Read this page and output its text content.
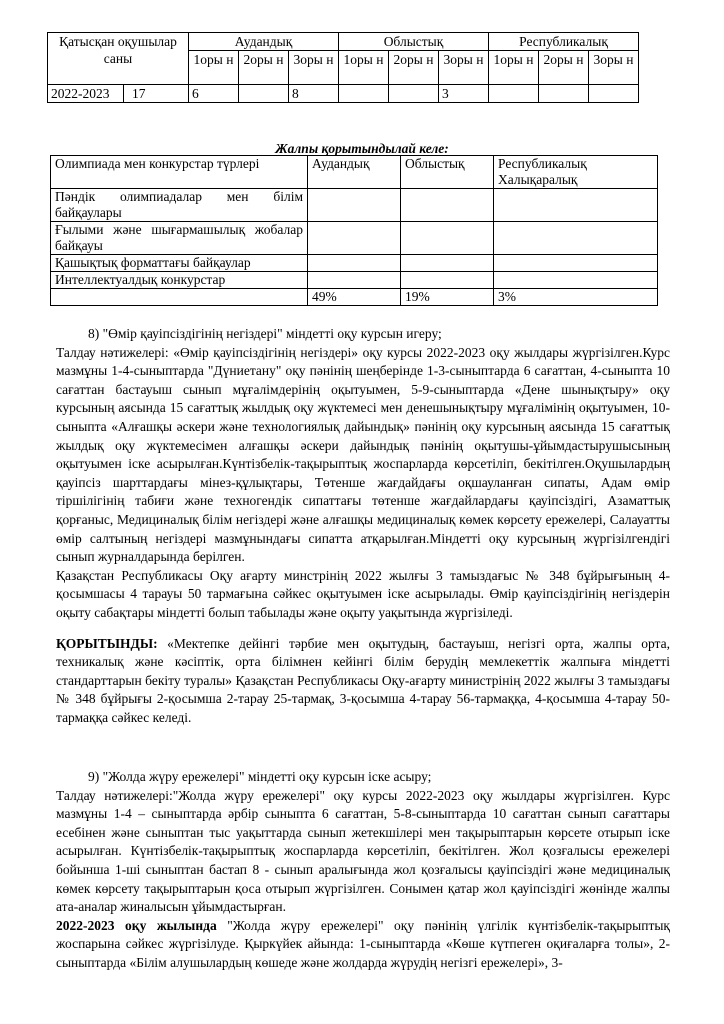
Қатысқан оқушылар саны	Аудандық			Облыстық			Республикалық		
	1оры н	2оры н	3оры н	1оры н	2оры н	3оры н	1оры н	2оры н	3оры н

2022-2023 17	6		8			3			
Жалпы қорытындылай келе:
Олимпиада мен конкурстар түрлері	Аудандық	Облыстық	Республикалық Халықаралық
Пәндік олимпиадалар мен білім байқаулары			
Ғылыми және шығармашылық жобалар байқауы			
Қашықтық форматтағы байқаулар			
Интеллектуалдық конкурстар			
	49%	19%	3%

8) "Өмір қауіпсіздігінің негіздері" міндетті оқу курсын игеру;

Талдау нәтижелері: «Өмір қауіпсіздігінің негіздері» оқу курсы 2022-2023 оқу жылдары жүргізілген.Курс мазмұны 1-4-сыныптарда "Дүниетану" оқу пәнінің шеңберінде 1-3-сыныптарда 6 сағаттан, 4-сыныпта 10 сағаттан бастауыш сынып мұғалімдерінің оқытуымен, 5-9-сыныптарда «Дене шынықтыру» оқу курсының аясында 15 сағаттық жылдық оқу жүктемесі мен денешынықтыру мұғалімінің оқытуымен, 10-сыныпта «Алғашқы әскери және технологиялық дайындық» пәнінің оқу курсының аясында 15 сағаттық жылдық оқу жүктемесімен алғашқы әскери дайындық пәнінің оқытушы-ұйымдастырушысының оқытуымен іске асырылған.Күнтізбелік-тақырыптық жоспарларда көрсетіліп, бекітілген.Оқушылардың қауіпсіз шарттардағы мінез-құлықтары, Төтенше жағдайдағы оқшауланған сипаты, Адам өмір тіршілігінің табиғи және техногендік сипаттағы төтенше жағдайлардағы қауіпсіздігі, Азаматтық қорғаныс, Медициналық білім негіздері және алғашқы медициналық көмек көрсету ережелері, Салауатты өмір салтының негіздері мазмұнындағы сипатта атқарылған.Міндетті оқу курсының жүргізілгендігі сынып журналдарында берілген.

Қазақстан Республикасы Оқу ағарту минстрінің 2022 жылғы 3 тамыздағыс № 348 бұйрығының 4-қосымшасы 4 тарауы 50 тармағына сәйкес оқытуымен іске асырылады. Өмір қауіпсіздігінің негіздерін оқыту сабақтары міндетті болып табылады және оқыту уақытында жүргізіледі.

ҚОРЫТЫНДЫ: «Мектепке дейінгі тәрбие мен оқытудың, бастауыш, негізгі орта, жалпы орта, техникалық және кәсіптік, орта білімнен кейінгі білім берудің мемлекеттік жалпыға міндетті стандарттарын бекіту туралы» Қазақстан Республикасы Оқу-ағарту министрінің 2022 жылғы 3 тамыздағы № 348 бұйрығы 2-қосымша 2-тарау 25-тармақ, 3-қосымша 4-тарау 56-тармаққа, 4-қосымша 4-тарау 50-тармаққа сәйкес келеді.

9) "Жолда жүру ережелері" міндетті оқу курсын іске асыру;

Талдау нәтижелері:"Жолда жүру ережелері" оқу курсы 2022-2023 оқу жылдары жүргізілген. Курс мазмұны 1-4 – сыныптарда әрбір сыныпта 6 сағаттан, 5-8-сыныптарда 10 сағаттан сынып сағаттары есебінен және сыныптан тыс уақыттарда сынып жетекшілері мен тақырыптарын көрсете отырып іске асырылған. Күнтізбелік-тақырыптық жоспарларда көрсетіліп, бекітілген. Жол қозғалысы ережелері бойынша 1-ші сыныптан бастап 8 - сынып аралығында жол қозғалысы қауіпсіздігі және медициналық көмек көрсету тақырыптарын қоса отырып жүргізілген. Сонымен қатар жол қауіпсіздігі жөнінде жалпы ата-аналар жиналысын ұйымдастырған.

2022-2023 оқу жылында "Жолда жүру ережелері" оқу пәнінің үлгілік күнтізбелік-тақырыптық жоспарына сәйкес жүргізілуде. Қыркүйек айында: 1-сыныптарда «Көше күтпеген оқиғаларға толы», 2-сыныптарда «Білім алушылардың көшеде және жолдарда жүрудің негізгі ережелері», 3-
